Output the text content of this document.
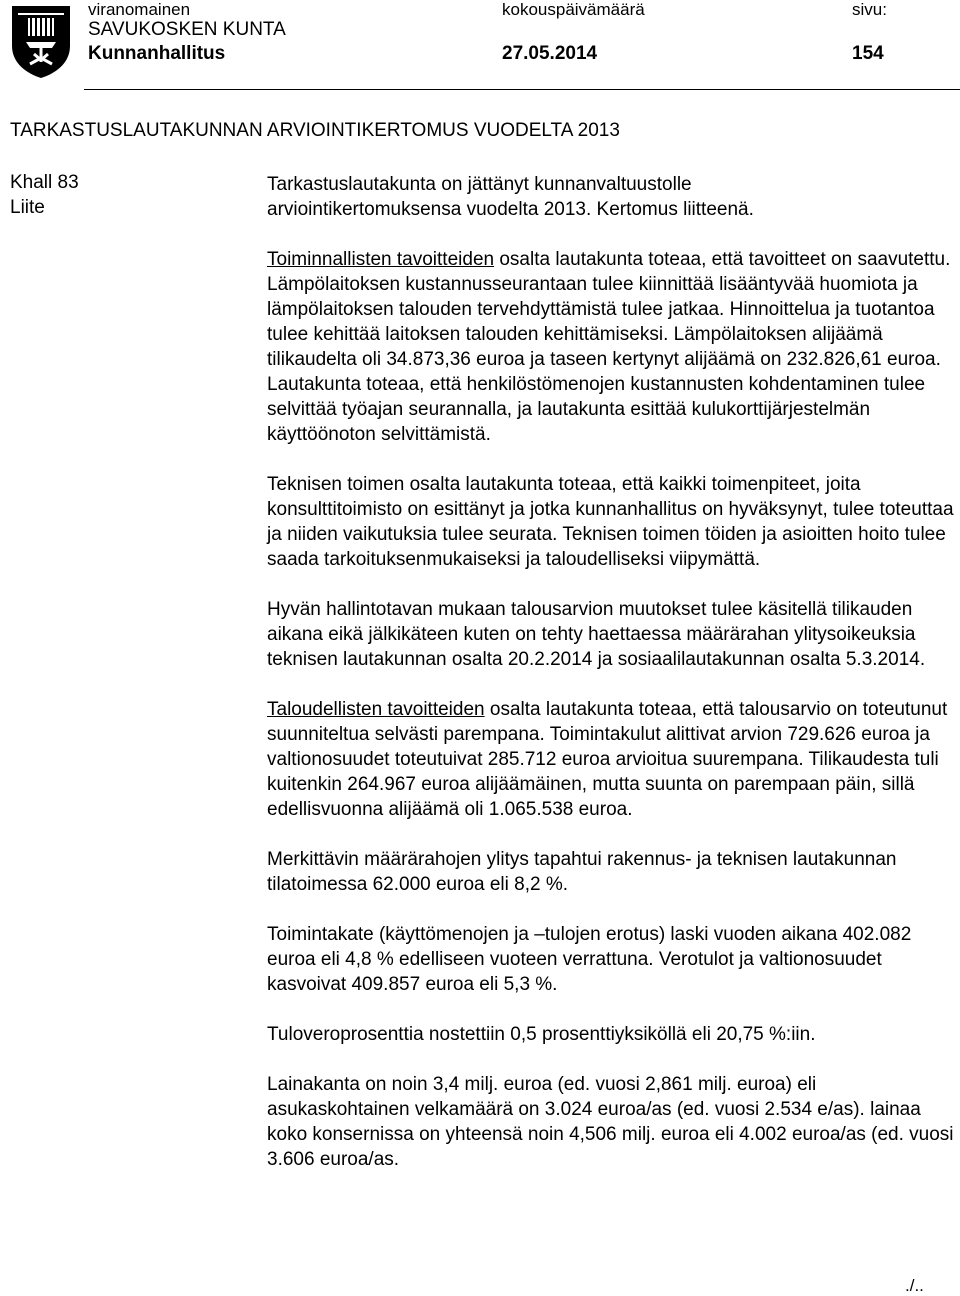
viranomainen	kokouspäivämäärä	sivu:
SAVUKOSKEN KUNTA
Kunnanhallitus	27.05.2014	154
TARKASTUSLAUTAKUNNAN ARVIOINTIKERTOMUS VUODELTA 2013
Khall 83
Liite

Tarkastuslautakunta on jättänyt kunnanvaltuustolle

arviointikertomuksensa vuodelta 2013. Kertomus liitteenä.

Toiminnallisten tavoitteiden osalta lautakunta toteaa, että tavoitteet on saavutettu. Lämpölaitoksen kustannusseurantaan tulee kiinnittää lisääntyvää huomiota ja lämpölaitoksen talouden tervehdyttämistä tulee jatkaa. Hinnoittelua ja tuotantoa tulee kehittää laitoksen talouden kehittämiseksi. Lämpölaitoksen alijäämä tilikaudelta oli 34.873,36 euroa ja taseen kertynyt alijäämä on 232.826,61 euroa. Lautakunta toteaa, että henkilöstömenojen kustannusten kohdentaminen tulee selvittää työajan seurannalla, ja lautakunta esittää kulukorttijärjestelmän käyttöönoton selvittämistä.

Teknisen toimen osalta lautakunta toteaa, että kaikki toimenpiteet, joita konsulttitoimisto on esittänyt ja jotka kunnanhallitus on hyväksynyt, tulee toteuttaa ja niiden vaikutuksia tulee seurata. Teknisen toimen töiden ja asioitten hoito tulee saada tarkoituksenmukaiseksi ja taloudelliseksi viipymättä.

Hyvän hallintotavan mukaan talousarvion muutokset tulee käsitellä tilikauden aikana eikä jälkikäteen kuten on tehty haettaessa määrärahan ylitysoikeuksia teknisen lautakunnan osalta 20.2.2014 ja sosiaalilautakunnan osalta 5.3.2014.

Taloudellisten tavoitteiden osalta lautakunta toteaa, että talousarvio on toteutunut suunniteltua selvästi parempana. Toimintakulut alittivat arvion 729.626 euroa ja valtionosuudet toteutuivat 285.712 euroa arvioitua suurempana. Tilikaudesta tuli kuitenkin 264.967 euroa alijäämäinen, mutta suunta on parempaan päin, sillä edellisvuonna alijäämä oli 1.065.538 euroa.

Merkittävin määrärahojen ylitys tapahtui rakennus- ja teknisen lautakunnan tilatoimessa 62.000 euroa eli 8,2 %.

Toimintakate (käyttömenojen ja –tulojen erotus) laski vuoden aikana 402.082 euroa eli 4,8 % edelliseen vuoteen verrattuna. Verotulot ja valtionosuudet kasvoivat 409.857 euroa eli 5,3 %.

Tuloveroprosenttia nostettiin 0,5 prosenttiyksiköllä eli 20,75 %:iin.

Lainakanta on noin 3,4 milj. euroa (ed. vuosi 2,861 milj. euroa) eli asukaskohtainen velkamäärä on 3.024 euroa/as (ed. vuosi 2.534 e/as). lainaa koko konsernissa on yhteensä noin 4,506 milj. euroa eli 4.002 euroa/as (ed. vuosi 3.606 euroa/as.

./..
